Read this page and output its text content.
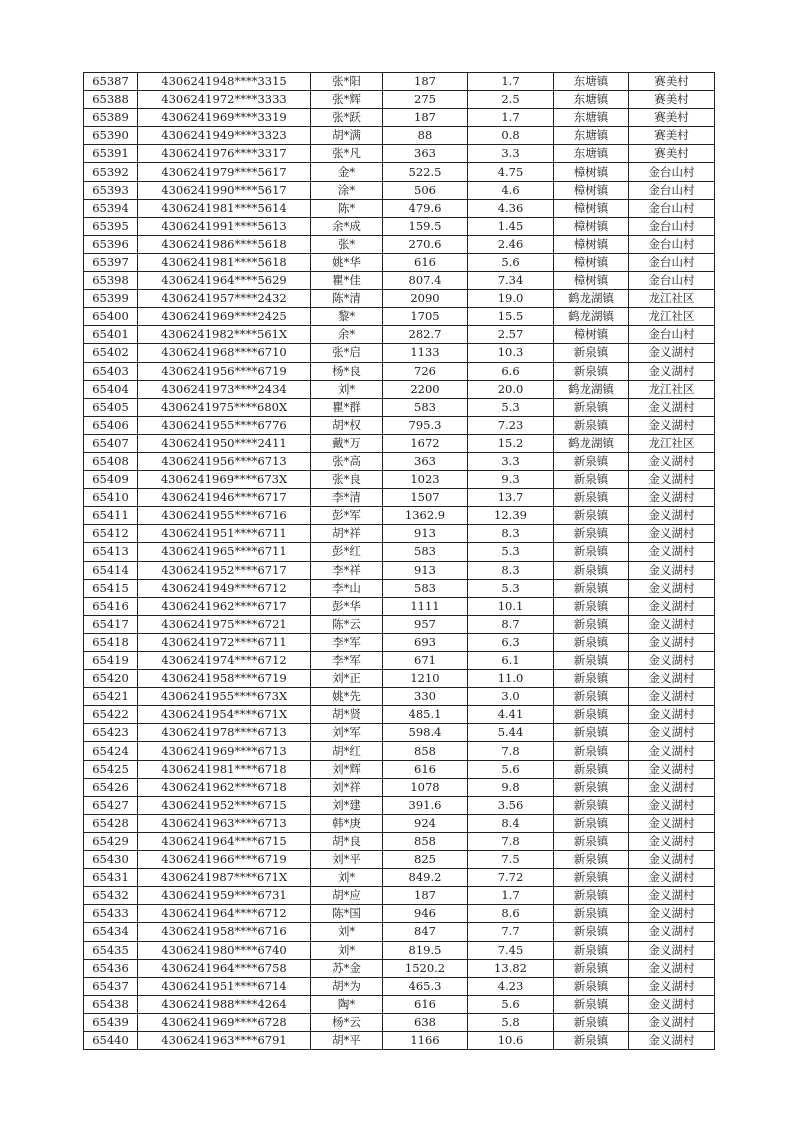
65387	4306241948****3315	张*阳	187	1.7	东塘镇	赛美村
65388	4306241972****3333	张*辉	275	2.5	东塘镇	赛美村
65389	4306241969****3319	张*跃	187	1.7	东塘镇	赛美村
65390	4306241949****3323	胡*满	88	0.8	东塘镇	赛美村
65391	4306241976****3317	张*凡	363	3.3	东塘镇	赛美村
65392	4306241979****5617	金*	522.5	4.75	樟树镇	金台山村
65393	4306241990****5617	涂*	506	4.6	樟树镇	金台山村
65394	4306241981****5614	陈*	479.6	4.36	樟树镇	金台山村
65395	4306241991****5613	余*成	159.5	1.45	樟树镇	金台山村
65396	4306241986****5618	张*	270.6	2.46	樟树镇	金台山村
65397	4306241981****5618	姚*华	616	5.6	樟树镇	金台山村
65398	4306241964****5629	瞿*佳	807.4	7.34	樟树镇	金台山村
65399	4306241957****2432	陈*清	2090	19.0	鹤龙湖镇	龙江社区
65400	4306241969****2425	黎*	1705	15.5	鹤龙湖镇	龙江社区
65401	4306241982****561X	余*	282.7	2.57	樟树镇	金台山村
65402	4306241968****6710	张*启	1133	10.3	新泉镇	金义湖村
65403	4306241956****6719	杨*良	726	6.6	新泉镇	金义湖村
65404	4306241973****2434	刘*	2200	20.0	鹤龙湖镇	龙江社区
65405	4306241975****680X	瞿*群	583	5.3	新泉镇	金义湖村
65406	4306241955****6776	胡*权	795.3	7.23	新泉镇	金义湖村
65407	4306241950****2411	戴*万	1672	15.2	鹤龙湖镇	龙江社区
65408	4306241956****6713	张*高	363	3.3	新泉镇	金义湖村
65409	4306241969****673X	张*良	1023	9.3	新泉镇	金义湖村
65410	4306241946****6717	李*清	1507	13.7	新泉镇	金义湖村
65411	4306241955****6716	彭*军	1362.9	12.39	新泉镇	金义湖村
65412	4306241951****6711	胡*祥	913	8.3	新泉镇	金义湖村
65413	4306241965****6711	彭*红	583	5.3	新泉镇	金义湖村
65414	4306241952****6717	李*祥	913	8.3	新泉镇	金义湖村
65415	4306241949****6712	李*山	583	5.3	新泉镇	金义湖村
65416	4306241962****6717	彭*华	1111	10.1	新泉镇	金义湖村
65417	4306241975****6721	陈*云	957	8.7	新泉镇	金义湖村
65418	4306241972****6711	李*军	693	6.3	新泉镇	金义湖村
65419	4306241974****6712	李*军	671	6.1	新泉镇	金义湖村
65420	4306241958****6719	刘*正	1210	11.0	新泉镇	金义湖村
65421	4306241955****673X	姚*先	330	3.0	新泉镇	金义湖村
65422	4306241954****671X	胡*贤	485.1	4.41	新泉镇	金义湖村
65423	4306241978****6713	刘*军	598.4	5.44	新泉镇	金义湖村
65424	4306241969****6713	胡*红	858	7.8	新泉镇	金义湖村
65425	4306241981****6718	刘*辉	616	5.6	新泉镇	金义湖村
65426	4306241962****6718	刘*祥	1078	9.8	新泉镇	金义湖村
65427	4306241952****6715	刘*建	391.6	3.56	新泉镇	金义湖村
65428	4306241963****6713	韩*庚	924	8.4	新泉镇	金义湖村
65429	4306241964****6715	胡*良	858	7.8	新泉镇	金义湖村
65430	4306241966****6719	刘*平	825	7.5	新泉镇	金义湖村
65431	4306241987****671X	刘*	849.2	7.72	新泉镇	金义湖村
65432	4306241959****6731	胡*应	187	1.7	新泉镇	金义湖村
65433	4306241964****6712	陈*国	946	8.6	新泉镇	金义湖村
65434	4306241958****6716	刘*	847	7.7	新泉镇	金义湖村
65435	4306241980****6740	刘*	819.5	7.45	新泉镇	金义湖村
65436	4306241964****6758	苏*金	1520.2	13.82	新泉镇	金义湖村
65437	4306241951****6714	胡*为	465.3	4.23	新泉镇	金义湖村
65438	4306241988****4264	陶*	616	5.6	新泉镇	金义湖村
65439	4306241969****6728	杨*云	638	5.8	新泉镇	金义湖村
65440	4306241963****6791	胡*平	1166	10.6	新泉镇	金义湖村
